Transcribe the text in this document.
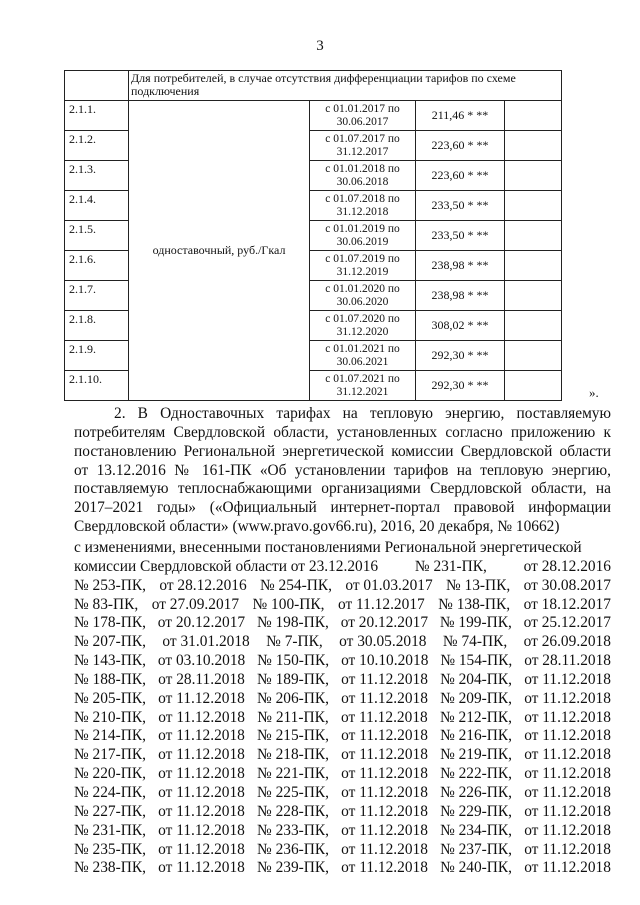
3
	Для потребителей, в случае отсутствия дифференциации тарифов по схеме подключения			
2.1.1.	одноставочный, руб./Гкал	с 01.01.2017 по 30.06.2017	211,46 * **	
2.1.2.		с 01.07.2017 по 31.12.2017	223,60 * **	
2.1.3.		с 01.01.2018 по 30.06.2018	223,60 * **	
2.1.4.		с 01.07.2018 по 31.12.2018	233,50 * **	
2.1.5.		с 01.01.2019 по 30.06.2019	233,50 * **	
2.1.6.		с 01.07.2019 по 31.12.2019	238,98 * **	
2.1.7.		с 01.01.2020 по 30.06.2020	238,98 * **	
2.1.8.		с 01.07.2020 по 31.12.2020	308,02 * **	
2.1.9.		с 01.01.2021 по 30.06.2021	292,30 * **	
2.1.10.		с 01.07.2021 по 31.12.2021	292,30 * **		».

2. В Одноставочных тарифах на тепловую энергию, поставляемую потребителям Свердловской области, установленных согласно приложению к постановлению Региональной энергетической комиссии Свердловской области от 13.12.2016 № 161-ПК «Об установлении тарифов на тепловую энергию, поставляемую теплоснабжающими организациями Свердловской области, на 2017–2021 годы» («Официальный интернет-портал правовой информации Свердловской области» (www.pravo.gov66.ru), 2016, 20 декабря, № 10662)

с изменениями, внесенными постановлениями Региональной энергетической
комиссии Свердловской области от 23.12.2016 № 231-ПК, от 28.12.2016
№ 253-ПК, от 28.12.2016 № 254-ПК, от 01.03.2017 № 13-ПК, от 30.08.2017
№ 83-ПК, от 27.09.2017 № 100-ПК, от 11.12.2017 № 138-ПК, от 18.12.2017
№ 178-ПК, от 20.12.2017 № 198-ПК, от 20.12.2017 № 199-ПК, от 25.12.2017
№ 207-ПК, от 31.01.2018 № 7-ПК, от 30.05.2018 № 74-ПК, от 26.09.2018
№ 143-ПК, от 03.10.2018 № 150-ПК, от 10.10.2018 № 154-ПК, от 28.11.2018
№ 188-ПК, от 28.11.2018 № 189-ПК, от 11.12.2018 № 204-ПК, от 11.12.2018
№ 205-ПК, от 11.12.2018 № 206-ПК, от 11.12.2018 № 209-ПК, от 11.12.2018
№ 210-ПК, от 11.12.2018 № 211-ПК, от 11.12.2018 № 212-ПК, от 11.12.2018
№ 214-ПК, от 11.12.2018 № 215-ПК, от 11.12.2018 № 216-ПК, от 11.12.2018
№ 217-ПК, от 11.12.2018 № 218-ПК, от 11.12.2018 № 219-ПК, от 11.12.2018
№ 220-ПК, от 11.12.2018 № 221-ПК, от 11.12.2018 № 222-ПК, от 11.12.2018
№ 224-ПК, от 11.12.2018 № 225-ПК, от 11.12.2018 № 226-ПК, от 11.12.2018
№ 227-ПК, от 11.12.2018 № 228-ПК, от 11.12.2018 № 229-ПК, от 11.12.2018
№ 231-ПК, от 11.12.2018 № 233-ПК, от 11.12.2018 № 234-ПК, от 11.12.2018
№ 235-ПК, от 11.12.2018 № 236-ПК, от 11.12.2018 № 237-ПК, от 11.12.2018
№ 238-ПК, от 11.12.2018 № 239-ПК, от 11.12.2018 № 240-ПК, от 11.12.2018
